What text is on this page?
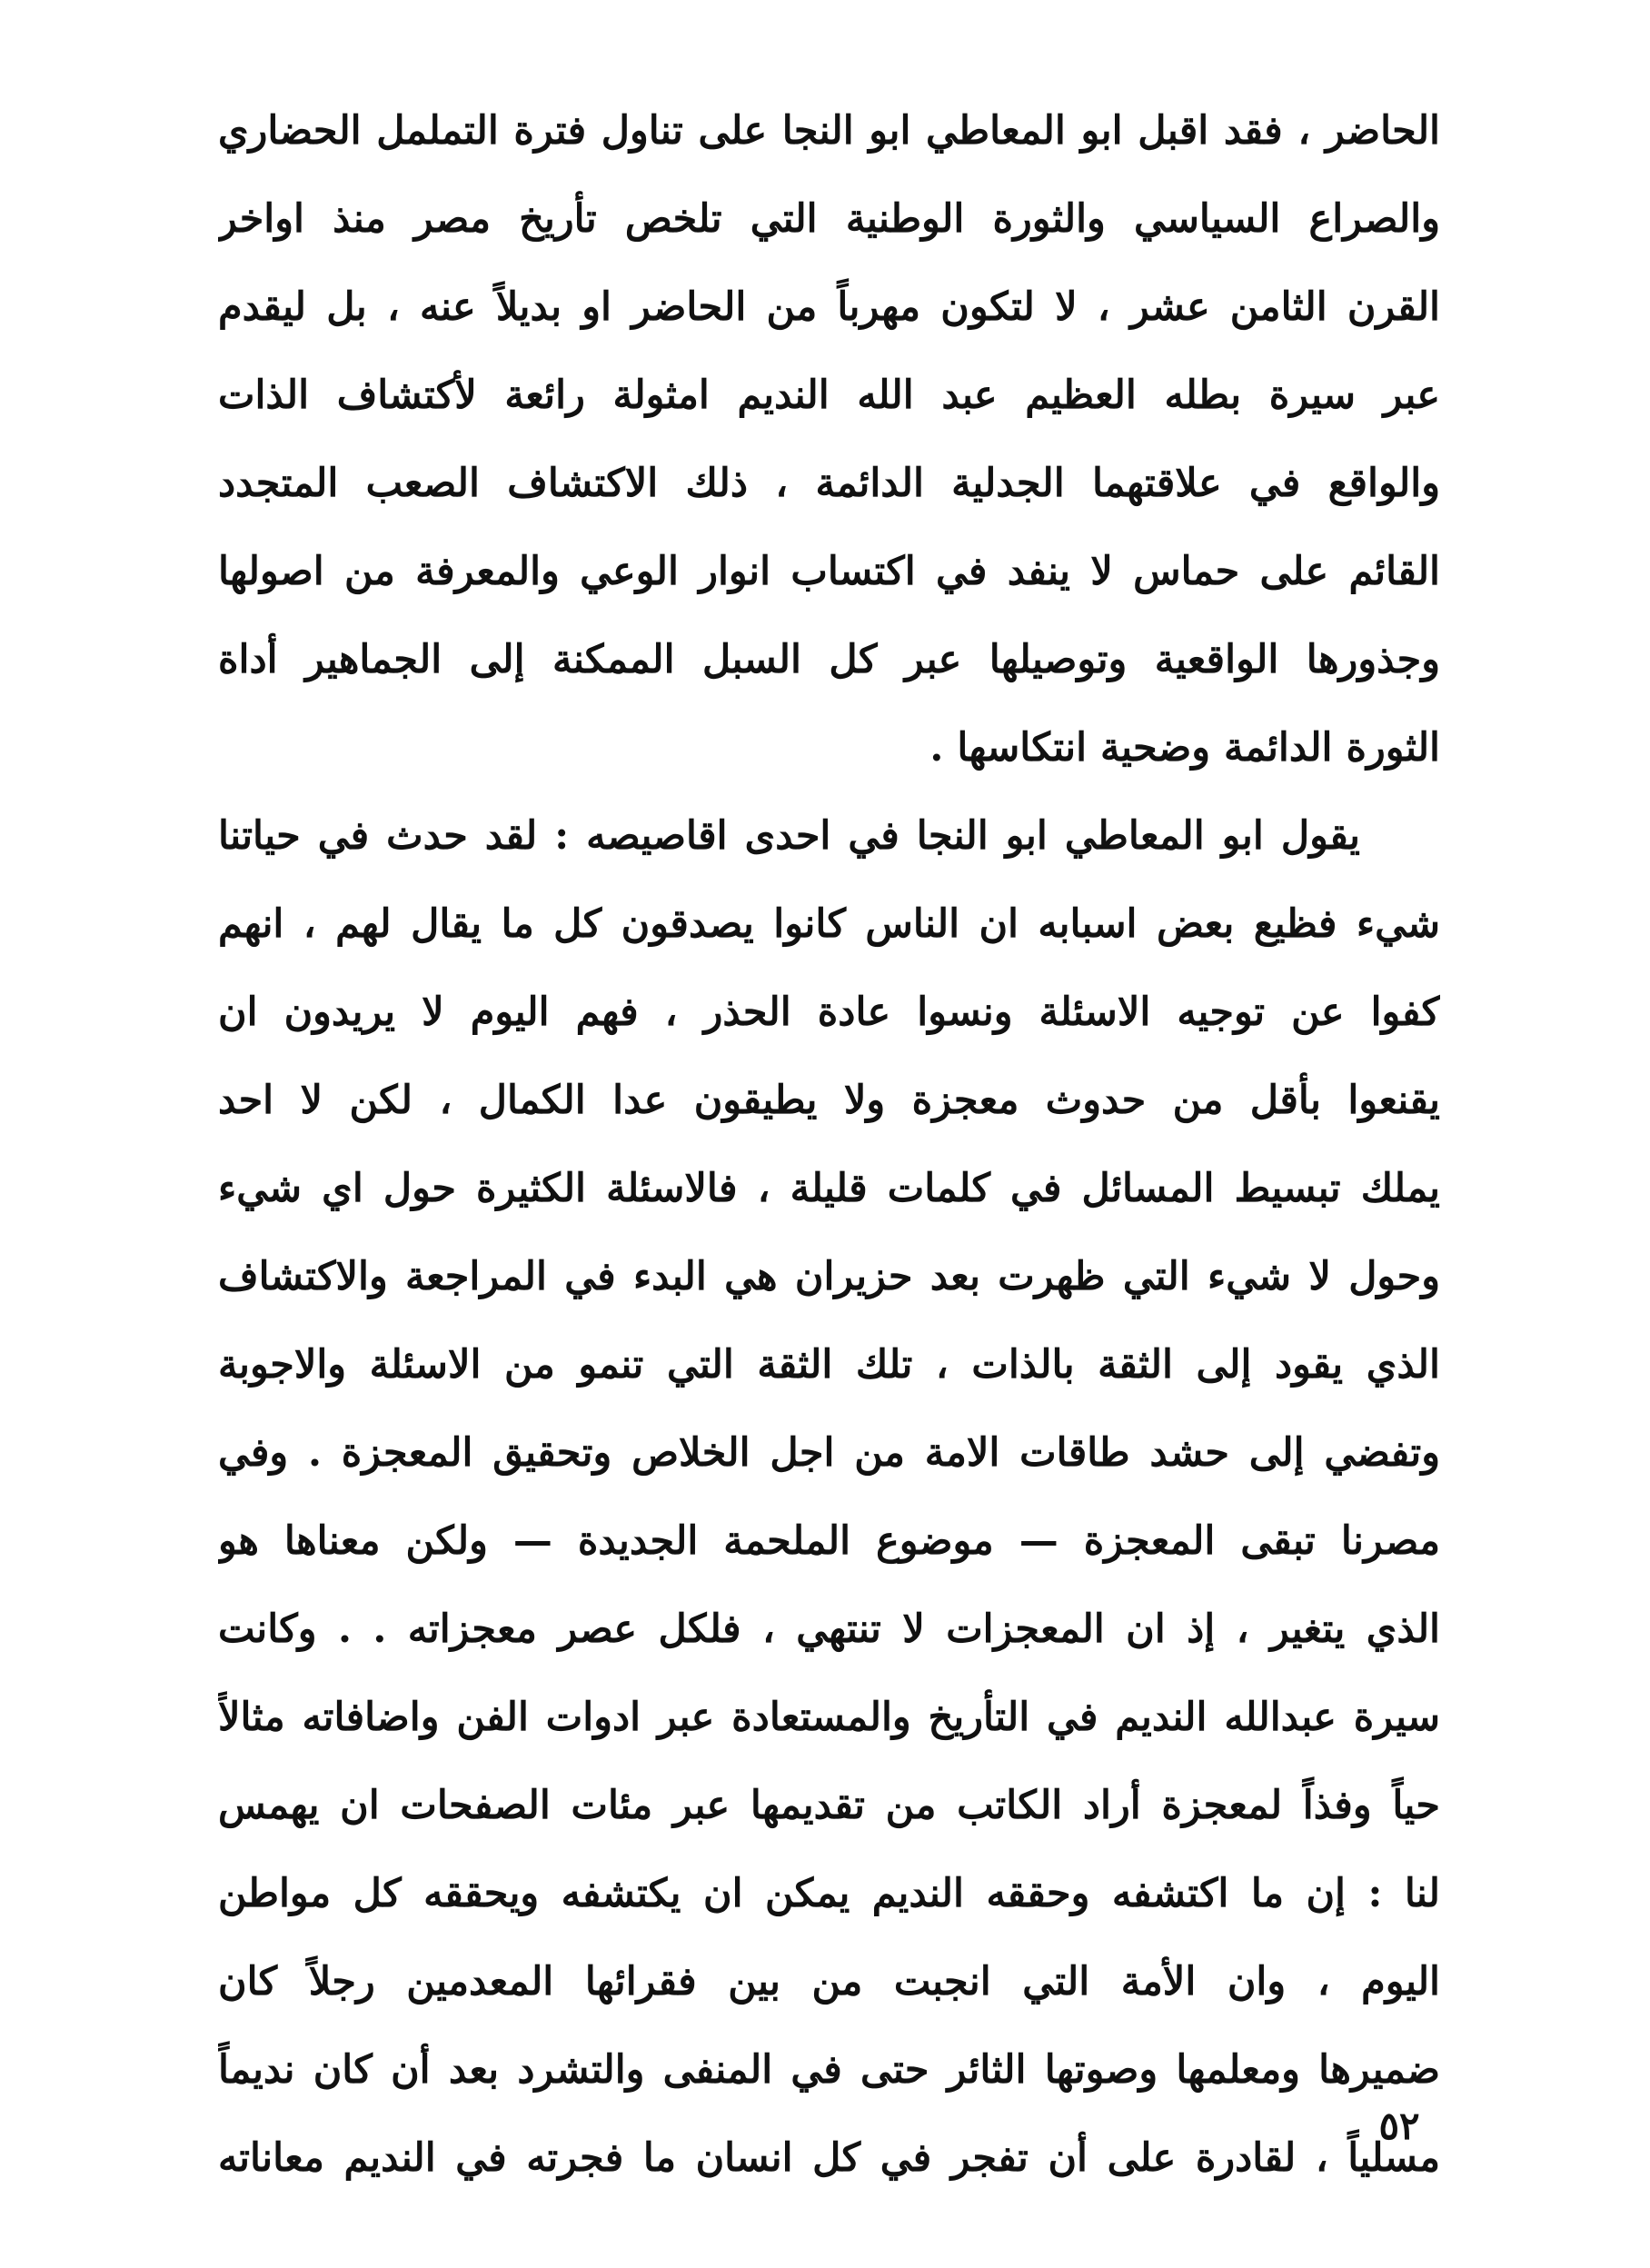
الحاضر ، فقد اقبل ابو المعاطي ابو النجا على تناول فترة التململ الحضاري
والصراع السياسي والثورة الوطنية التي تلخص تأريخ مصر منذ اواخر
القرن الثامن عشر ، لا لتكون مهرباً من الحاضر او بديلاً عنه ، بل ليقدم
عبر سيرة بطله العظيم عبد الله النديم امثولة رائعة لأكتشاف الذات
والواقع في علاقتهما الجدلية الدائمة ، ذلك الاكتشاف الصعب المتجدد
القائم على حماس لا ينفد في اكتساب انوار الوعي والمعرفة من اصولها
وجذورها الواقعية وتوصيلها عبر كل السبل الممكنة إلى الجماهير أداة
الثورة الدائمة وضحية انتكاسها .
يقول ابو المعاطي ابو النجا في احدى اقاصيصه : لقد حدث في حياتنا
شيء فظيع بعض اسبابه ان الناس كانوا يصدقون كل ما يقال لهم ، انهم
كفوا عن توجيه الاسئلة ونسوا عادة الحذر ، فهم اليوم لا يريدون ان
يقنعوا بأقل من حدوث معجزة ولا يطيقون عدا الكمال ، لكن لا احد
يملك تبسيط المسائل في كلمات قليلة ، فالاسئلة الكثيرة حول اي شيء
وحول لا شيء التي ظهرت بعد حزيران هي البدء في المراجعة والاكتشاف
الذي يقود إلى الثقة بالذات ، تلك الثقة التي تنمو من الاسئلة والاجوبة
وتفضي إلى حشد طاقات الامة من اجل الخلاص وتحقيق المعجزة . وفي
مصرنا تبقى المعجزة — موضوع الملحمة الجديدة — ولكن معناها هو
الذي يتغير ، إذ ان المعجزات لا تنتهي ، فلكل عصر معجزاته . . وكانت
سيرة عبدالله النديم في التأريخ والمستعادة عبر ادوات الفن واضافاته مثالاً
حياً وفذاً لمعجزة أراد الكاتب من تقديمها عبر مئات الصفحات ان يهمس
لنا : إن ما اكتشفه وحققه النديم يمكن ان يكتشفه ويحققه كل مواطن
اليوم ، وان الأمة التي انجبت من بين فقرائها المعدمين رجلاً كان
ضميرها ومعلمها وصوتها الثائر حتى في المنفى والتشرد بعد أن كان نديماً
مسلياً ، لقادرة على أن تفجر في كل انسان ما فجرته في النديم معاناته
٥٢
